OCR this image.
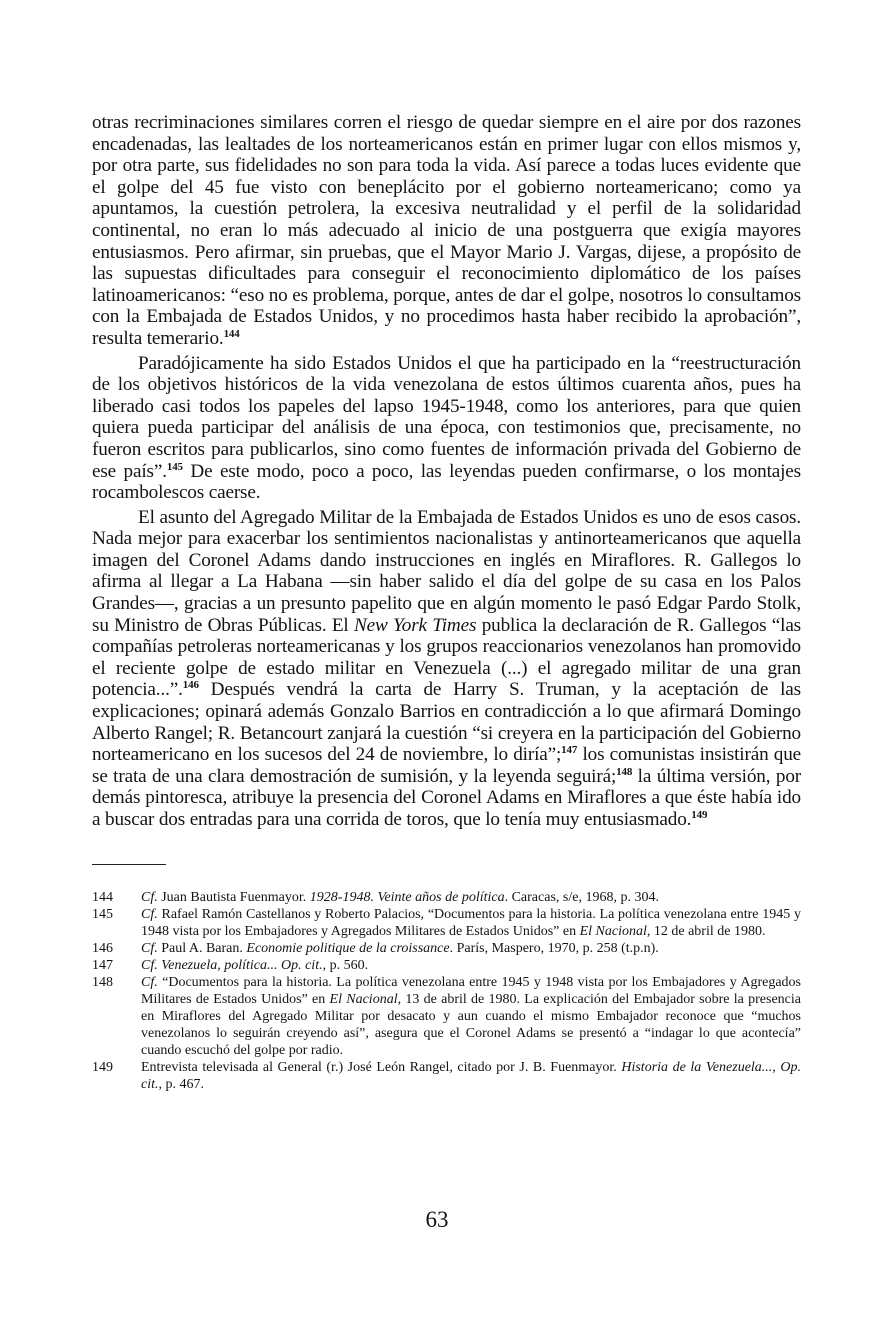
otras recriminaciones similares corren el riesgo de quedar siempre en el aire por dos razones encadenadas, las lealtades de los norteamericanos están en primer lugar con ellos mismos y, por otra parte, sus fidelidades no son para toda la vida. Así parece a todas luces evidente que el golpe del 45 fue visto con beneplácito por el gobierno norteamericano; como ya apuntamos, la cuestión petrolera, la excesiva neutralidad y el perfil de la solidaridad continental, no eran lo más adecuado al inicio de una postguerra que exigía mayores entusiasmos. Pero afirmar, sin pruebas, que el Mayor Mario J. Vargas, dijese, a propósito de las supuestas dificultades para conseguir el reconocimiento diplomático de los países latinoamericanos: “eso no es problema, porque, antes de dar el golpe, nosotros lo consultamos con la Embajada de Estados Unidos, y no procedimos hasta haber recibido la aprobación”, resulta temerario.$^{144}$

Paradójicamente ha sido Estados Unidos el que ha participado en la “reestructuración de los objetivos históricos de la vida venezolana de estos últimos cuarenta años, pues ha liberado casi todos los papeles del lapso 1945-1948, como los anteriores, para que quien quiera pueda participar del análisis de una época, con testimonios que, precisamente, no fueron escritos para publicarlos, sino como fuentes de información privada del Gobierno de ese país”.$^{145}$ De este modo, poco a poco, las leyendas pueden confirmarse, o los montajes rocambolescos caerse.

El asunto del Agregado Militar de la Embajada de Estados Unidos es uno de esos casos. Nada mejor para exacerbar los sentimientos nacionalistas y antinorteamericanos que aquella imagen del Coronel Adams dando instrucciones en inglés en Miraflores. R. Gallegos lo afirma al llegar a La Habana —sin haber salido el día del golpe de su casa en los Palos Grandes—, gracias a un presunto papelito que en algún momento le pasó Edgar Pardo Stolk, su Ministro de Obras Públicas. El New York Times publica la declaración de R. Gallegos “las compañías petroleras norteamericanas y los grupos reaccionarios venezolanos han promovido el reciente golpe de estado militar en Venezuela (...) el agregado militar de una gran potencia...”.$^{146}$ Después vendrá la carta de Harry S. Truman, y la aceptación de las explicaciones; opinará además Gonzalo Barrios en contradicción a lo que afirmará Domingo Alberto Rangel; R. Betancourt zanjará la cuestión “si creyera en la participación del Gobierno norteamericano en los sucesos del 24 de noviembre, lo diría”;$^{147}$ los comunistas insistirán que se trata de una clara demostración de sumisión, y la leyenda seguirá;$^{148}$ la última versión, por demás pintoresca, atribuye la presencia del Coronel Adams en Miraflores a que éste había ido a buscar dos entradas para una corrida de toros, que lo tenía muy entusiasmado.$^{149}$

144	Cf. Juan Bautista Fuenmayor. 1928-1948. Veinte años de política. Caracas, s/e, 1968, p. 304.
145	Cf. Rafael Ramón Castellanos y Roberto Palacios, “Documentos para la historia. La política venezolana entre 1945 y 1948 vista por los Embajadores y Agregados Militares de Estados Unidos” en El Nacional, 12 de abril de 1980.
146	Cf. Paul A. Baran. Economie politique de la croissance. París, Maspero, 1970, p. 258 (t.p.n).
147	Cf. Venezuela, política... Op. cit., p. 560.
148	Cf. “Documentos para la historia. La política venezolana entre 1945 y 1948 vista por los Embajadores y Agregados Militares de Estados Unidos” en El Nacional, 13 de abril de 1980. La explicación del Embajador sobre la presencia en Miraflores del Agregado Militar por desacato y aun cuando el mismo Embajador reconoce que “muchos venezolanos lo seguirán creyendo así”, asegura que el Coronel Adams se presentó a “indagar lo que acontecía” cuando escuchó del golpe por radio.
149	Entrevista televisada al General (r.) José León Rangel, citado por J. B. Fuenmayor. Historia de la Venezuela..., Op. cit., p. 467.
63
